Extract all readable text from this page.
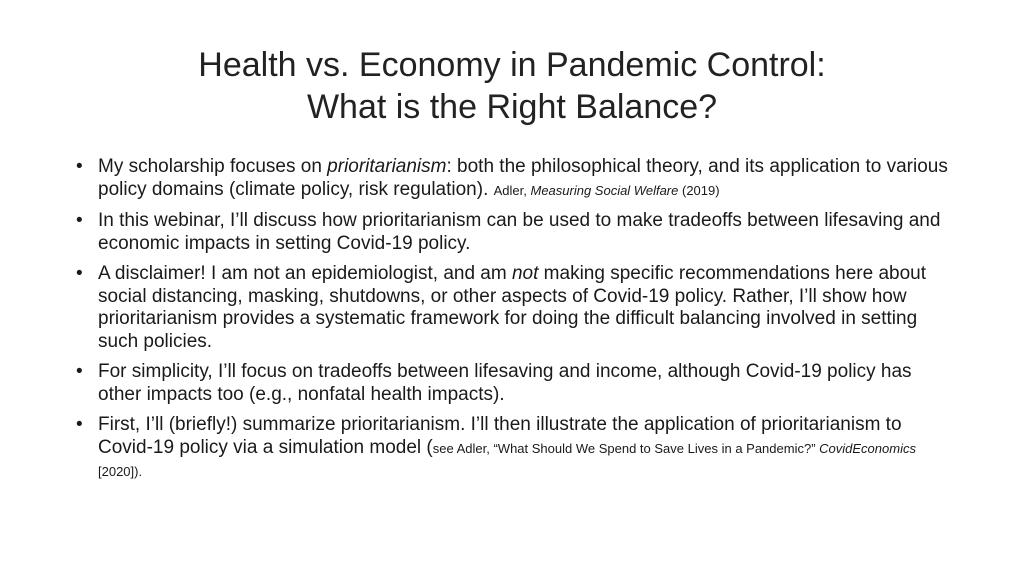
Health vs. Economy in Pandemic Control:
What is the Right Balance?
• My scholarship focuses on prioritarianism: both the philosophical theory, and its application to various policy domains (climate policy, risk regulation). Adler, Measuring Social Welfare (2019)
• In this webinar, I’ll discuss how prioritarianism can be used to make tradeoffs between lifesaving and economic impacts in setting Covid-19 policy.
• A disclaimer! I am not an epidemiologist, and am not making specific recommendations here about social distancing, masking, shutdowns, or other aspects of Covid-19 policy. Rather, I’ll show how prioritarianism provides a systematic framework for doing the difficult balancing involved in setting such policies.
• For simplicity, I’ll focus on tradeoffs between lifesaving and income, although Covid-19 policy has other impacts too (e.g., nonfatal health impacts).
• First, I’ll (briefly!) summarize prioritarianism. I’ll then illustrate the application of prioritarianism to Covid-19 policy via a simulation model (see Adler, “What Should We Spend to Save Lives in a Pandemic?” CovidEconomics [2020]).
